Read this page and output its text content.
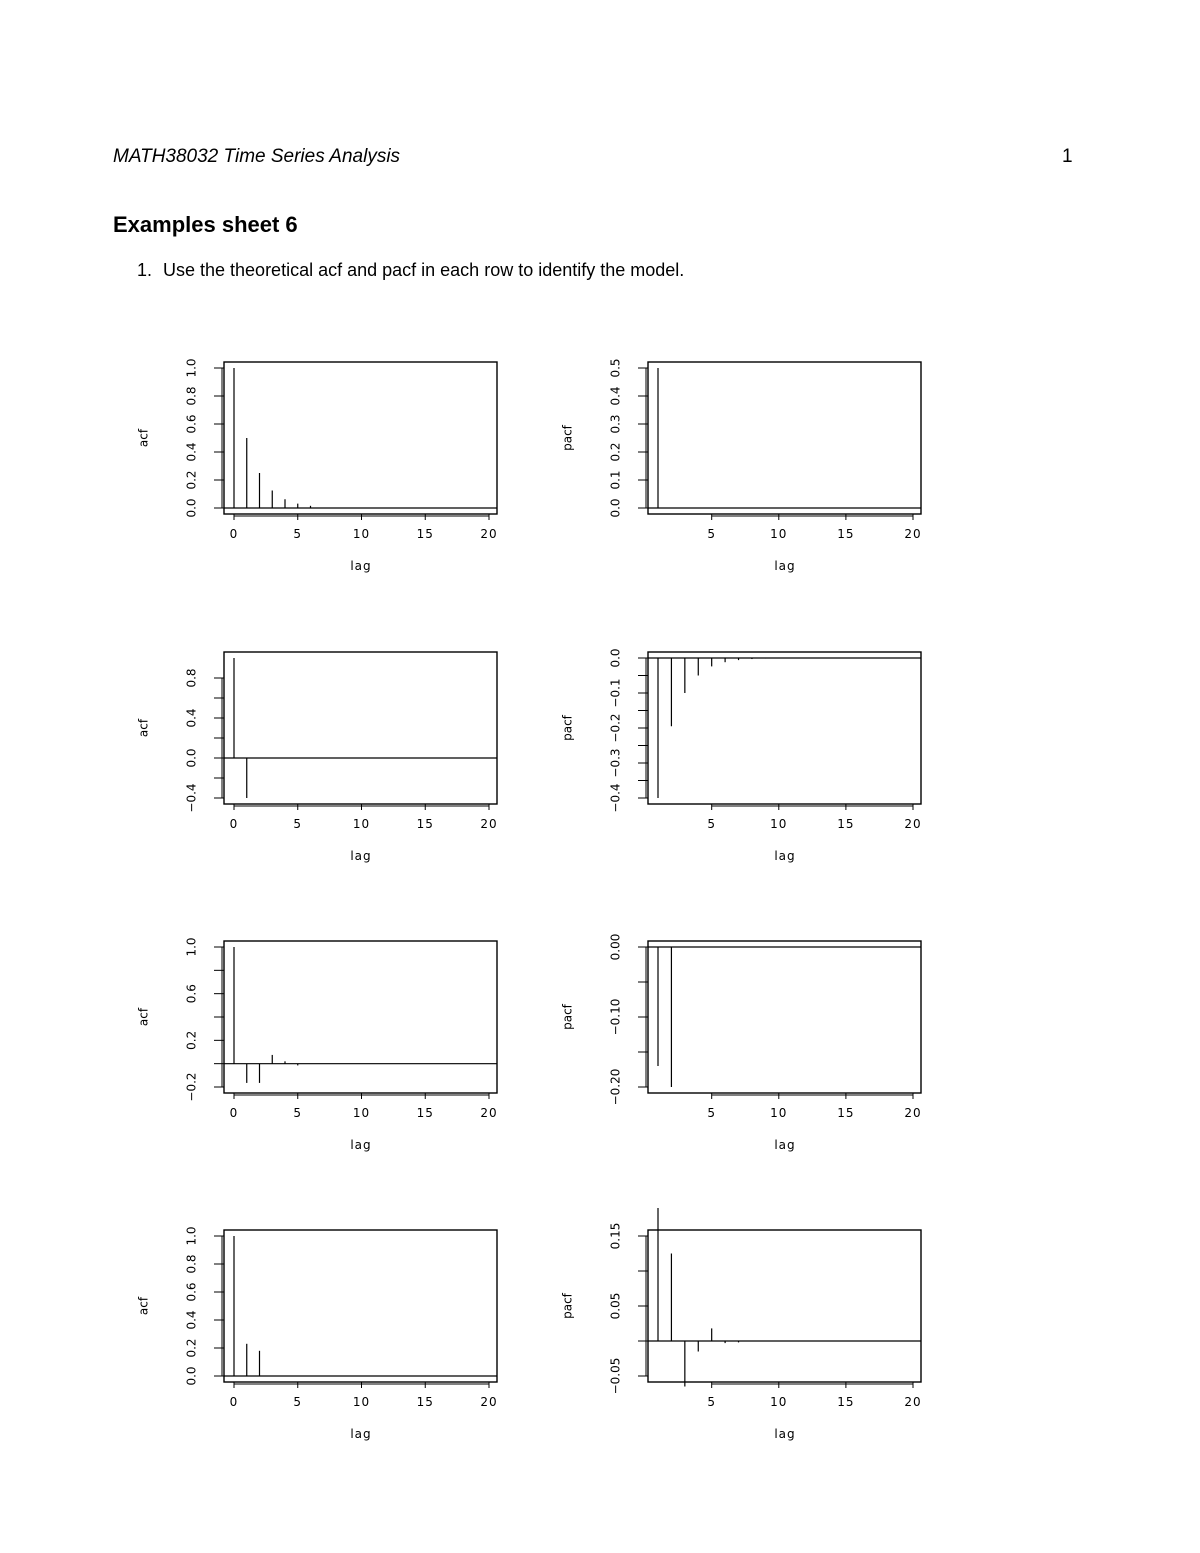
MATH38032 Time Series Analysis	1
Examples sheet 6
1. Use the theoretical acf and pacf in each row to identify the model.
0	5	10	15	20
0.0
0.2
0.4
0.6
0.8
1.0
acf
lag
5	10	15	20
0.0
0.1
0.2
0.3
0.4
0.5
pacf
lag
0	5	10	15	20
−0.4
0.0
0.4
0.8
acf
lag
5	10	15	20
−0.4
−0.3
−0.2
−0.1
0.0
pacf
lag
0	5	10	15	20
−0.2
0.2
0.6
1.0
acf
lag
5	10	15	20
−0.20
−0.10
0.00
pacf
lag
0	5	10	15	20
0.0
0.2
0.4
0.6
0.8
1.0
acf
lag
5	10	15	20
−0.05
0.05
0.15
pacf
lag
